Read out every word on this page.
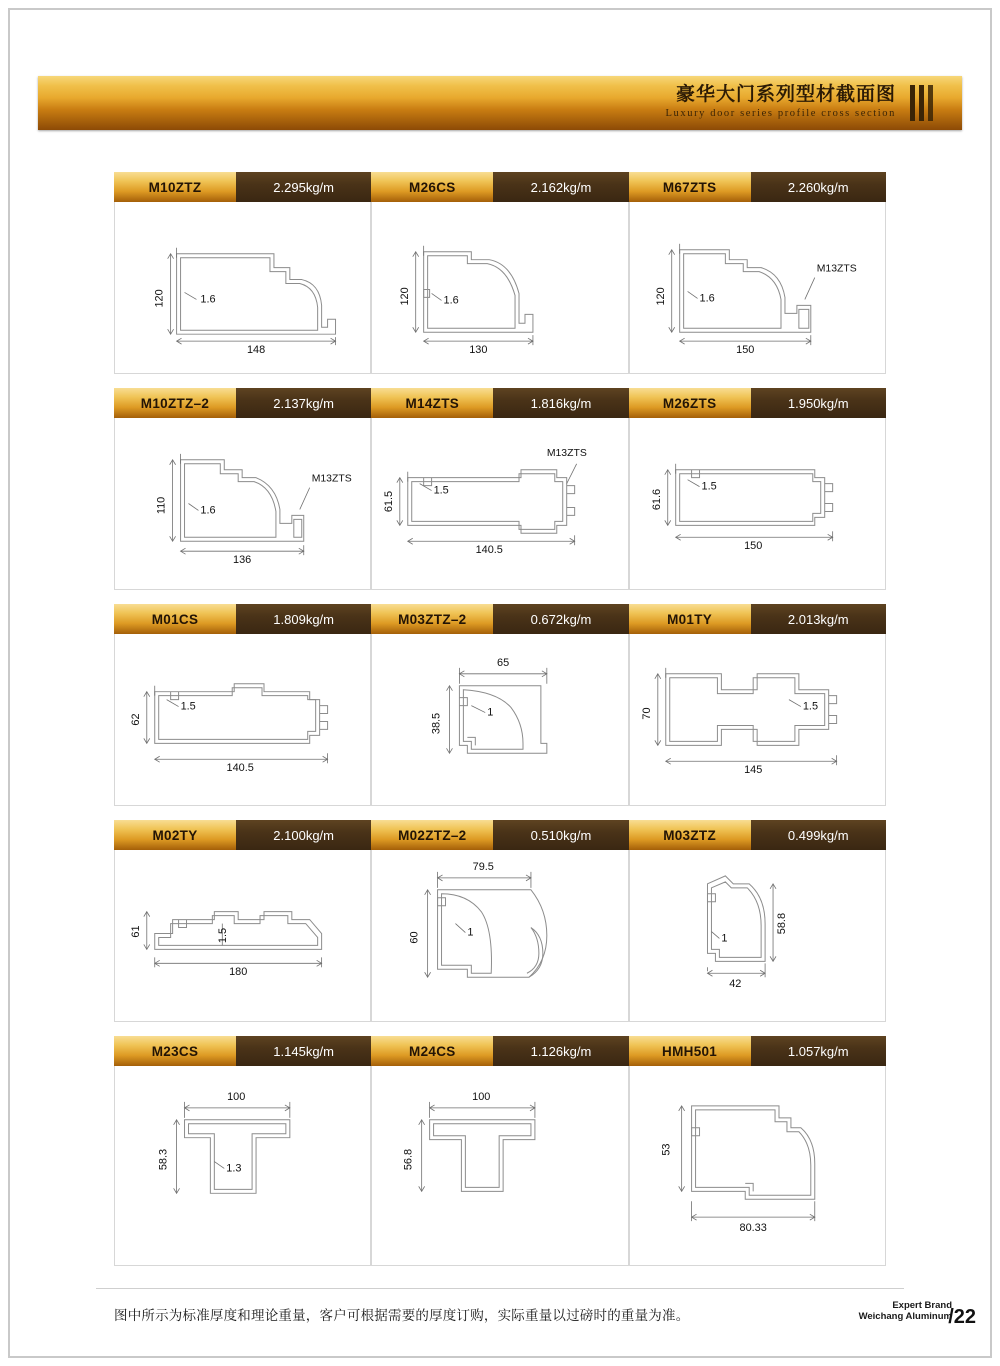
豪华大门系列型材截面图
Luxury door series profile cross section
M10ZTZ	2.295kg/m
120
148
1.6
M26CS	2.162kg/m
120
130
1.6
M67ZTS	2.260kg/m
120
150
1.6
M13ZTS
M10ZTZ–2	2.137kg/m
110
136
1.6
M13ZTS
M14ZTS	1.816kg/m
61.5
140.5
1.5
M13ZTS
M26ZTS	1.950kg/m
61.6
150
1.5
M01CS	1.809kg/m
62
140.5
1.5
M03ZTZ–2	0.672kg/m
38.5
65
1
M01TY	2.013kg/m
70
145
1.5
M02TY	2.100kg/m
61
180
1.5
M02ZTZ–2	0.510kg/m
60
79.5
1
M03ZTZ	0.499kg/m
58.8
42
1
M23CS	1.145kg/m
58.3
100
1.3
M24CS	1.126kg/m
56.8
100
HMH501	1.057kg/m
53
80.33
图中所示为标准厚度和理论重量，客户可根据需要的厚度订购，实际重量以过磅时的重量为准。
Expert Brand
Weichang Aluminum
/22
